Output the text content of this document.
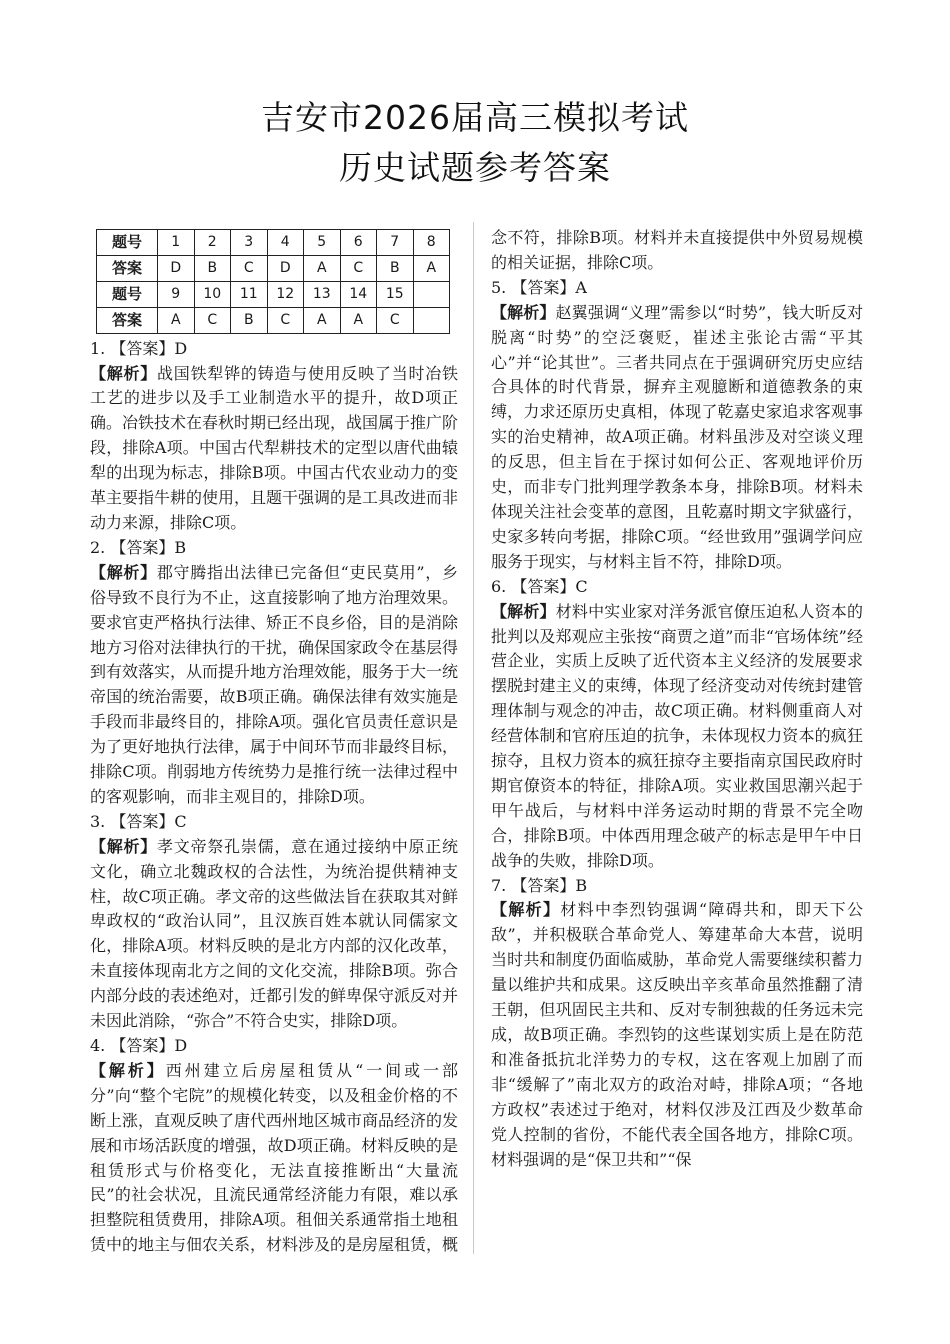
吉安市2026届高三模拟考试
历史试题参考答案
题号	1	2	3	4	5	6	7	8
答案	D	B	C	D	A	C	B	A
题号	9	10	11	12	13	14	15	
答案	A	C	B	C	A	A	C	

1. 【答案】D

【解析】战国铁犁铧的铸造与使用反映了当时冶铁工艺的进步以及手工业制造水平的提升，故D项正确。冶铁技术在春秋时期已经出现，战国属于推广阶段，排除A项。中国古代犁耕技术的定型以唐代曲辕犁的出现为标志，排除B项。中国古代农业动力的变革主要指牛耕的使用，且题干强调的是工具改进而非动力来源，排除C项。

2. 【答案】B

【解析】郡守腾指出法律已完备但“吏民莫用”，乡俗导致不良行为不止，这直接影响了地方治理效果。要求官吏严格执行法律、矫正不良乡俗，目的是消除地方习俗对法律执行的干扰，确保国家政令在基层得到有效落实，从而提升地方治理效能，服务于大一统帝国的统治需要，故B项正确。确保法律有效实施是手段而非最终目的，排除A项。强化官员责任意识是为了更好地执行法律，属于中间环节而非最终目标，排除C项。削弱地方传统势力是推行统一法律过程中的客观影响，而非主观目的，排除D项。

3. 【答案】C

【解析】孝文帝祭孔崇儒，意在通过接纳中原正统文化，确立北魏政权的合法性，为统治提供精神支柱，故C项正确。孝文帝的这些做法旨在获取其对鲜卑政权的“政治认同”，且汉族百姓本就认同儒家文化，排除A项。材料反映的是北方内部的汉化改革，未直接体现南北方之间的文化交流，排除B项。弥合内部分歧的表述绝对，迁都引发的鲜卑保守派反对并未因此消除，“弥合”不符合史实，排除D项。

4. 【答案】D

【解析】西州建立后房屋租赁从“一间或一部分”向“整个宅院”的规模化转变，以及租金价格的不断上涨，直观反映了唐代西州地区城市商品经济的发展和市场活跃度的增强，故D项正确。材料反映的是租赁形式与价格变化，无法直接推断出“大量流民”的社会状况，且流民通常经济能力有限，难以承担整院租赁费用，排除A项。租佃关系通常指土地租赁中的地主与佃农关系，材料涉及的是房屋租赁，概

念不符，排除B项。材料并未直接提供中外贸易规模的相关证据，排除C项。

5. 【答案】A

【解析】赵翼强调“义理”需参以“时势”，钱大昕反对脱离“时势”的空泛褒贬，崔述主张论古需“平其心”并“论其世”。三者共同点在于强调研究历史应结合具体的时代背景，摒弃主观臆断和道德教条的束缚，力求还原历史真相，体现了乾嘉史家追求客观事实的治史精神，故A项正确。材料虽涉及对空谈义理的反思，但主旨在于探讨如何公正、客观地评价历史，而非专门批判理学教条本身，排除B项。材料未体现关注社会变革的意图，且乾嘉时期文字狱盛行，史家多转向考据，排除C项。“经世致用”强调学问应服务于现实，与材料主旨不符，排除D项。

6. 【答案】C

【解析】材料中实业家对洋务派官僚压迫私人资本的批判以及郑观应主张按“商贾之道”而非“官场体统”经营企业，实质上反映了近代资本主义经济的发展要求摆脱封建主义的束缚，体现了经济变动对传统封建管理体制与观念的冲击，故C项正确。材料侧重商人对经营体制和官府压迫的抗争，未体现权力资本的疯狂掠夺，且权力资本的疯狂掠夺主要指南京国民政府时期官僚资本的特征，排除A项。实业救国思潮兴起于甲午战后，与材料中洋务运动时期的背景不完全吻合，排除B项。中体西用理念破产的标志是甲午中日战争的失败，排除D项。

7. 【答案】B

【解析】材料中李烈钧强调“障碍共和，即天下公敌”，并积极联合革命党人、筹建革命大本营，说明当时共和制度仍面临威胁，革命党人需要继续积蓄力量以维护共和成果。这反映出辛亥革命虽然推翻了清王朝，但巩固民主共和、反对专制独裁的任务远未完成，故B项正确。李烈钧的这些谋划实质上是在防范和准备抵抗北洋势力的专权，这在客观上加剧了而非“缓解了”南北双方的政治对峙，排除A项；“各地方政权”表述过于绝对，材料仅涉及江西及少数革命党人控制的省份，不能代表全国各地方，排除C项。材料强调的是“保卫共和”“保
